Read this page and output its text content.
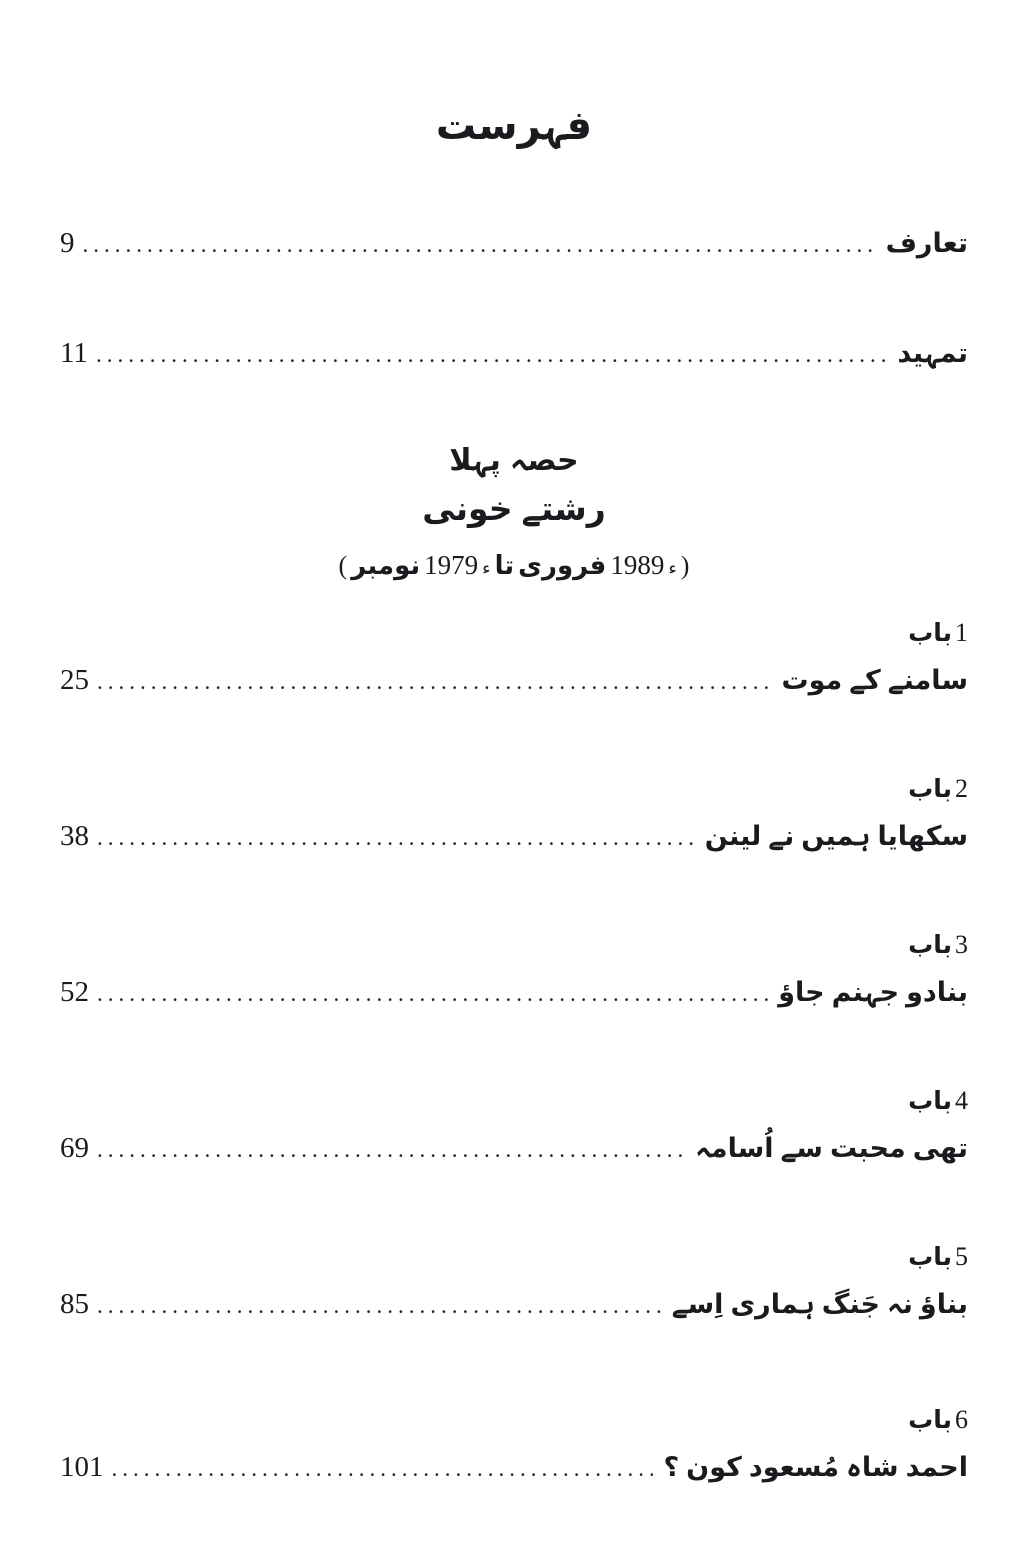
فہرست
9 .....	تعارف
11 .....	تمہید
پہلا حصہ
خونی رشتے
( نومبر 1979 ء تا فروری 1989 ء )
باب 1
25 .....	موت کے سامنے
باب 2
38 .....	لینن نے ہمیں سکھایا
باب 3
52 .....	جاؤ جہنم بنادو
باب 4
69 .....	اُسامہ سے محبت تھی
باب 5
85 .....	اِسے ہماری جَنگ نہ بناؤ
باب 6
101 .....	؟ کون مُسعود شاہ احمد
